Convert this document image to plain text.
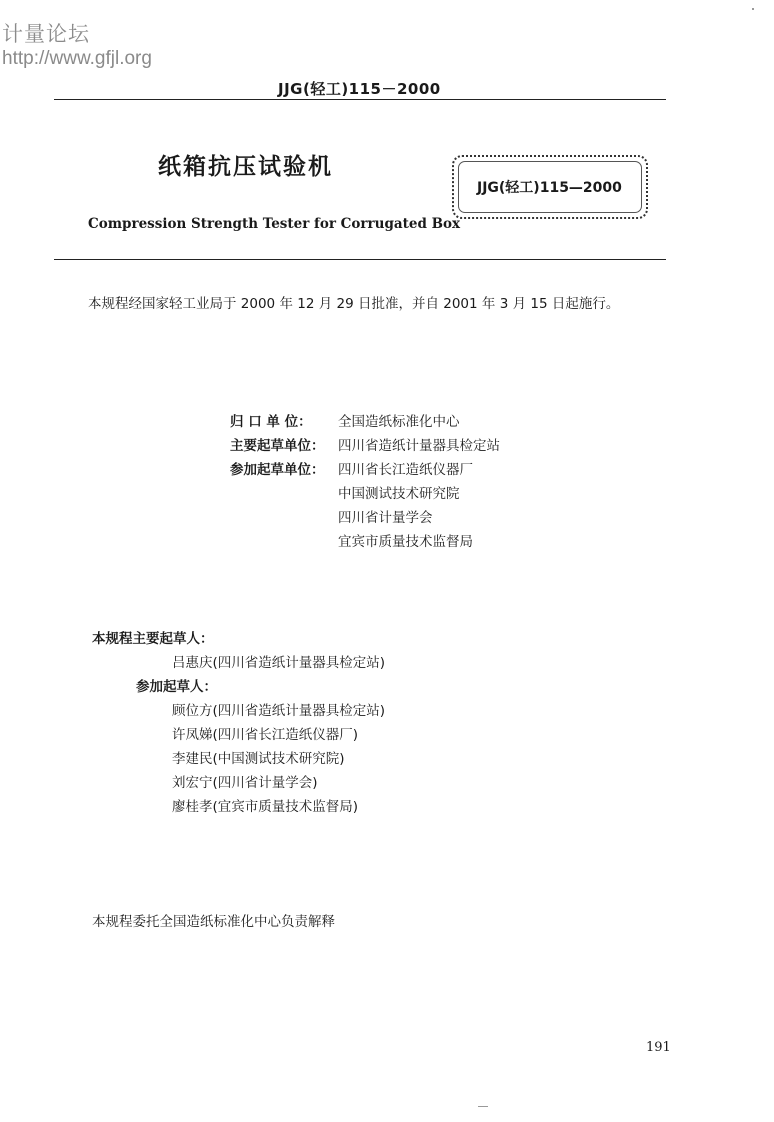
计量论坛
http://www.gfjl.org
JJG(轻工)115－2000
纸箱抗压试验机
Compression Strength Tester for Corrugated Box
JJG(轻工)115—2000
本规程经国家轻工业局于 2000 年 12 月 29 日批准，并自 2001 年 3 月 15 日起施行。
归 口 单 位： 全国造纸标准化中心
主要起草单位： 四川省造纸计量器具检定站
参加起草单位： 四川省长江造纸仪器厂
中国测试技术研究院
四川省计量学会
宜宾市质量技术监督局
本规程主要起草人：
吕惠庆(四川省造纸计量器具检定站)
参加起草人：
顾位方(四川省造纸计量器具检定站)
许凤娣(四川省长江造纸仪器厂)
李建民(中国测试技术研究院)
刘宏宁(四川省计量学会)
廖桂孝(宜宾市质量技术监督局)
本规程委托全国造纸标准化中心负责解释
191
